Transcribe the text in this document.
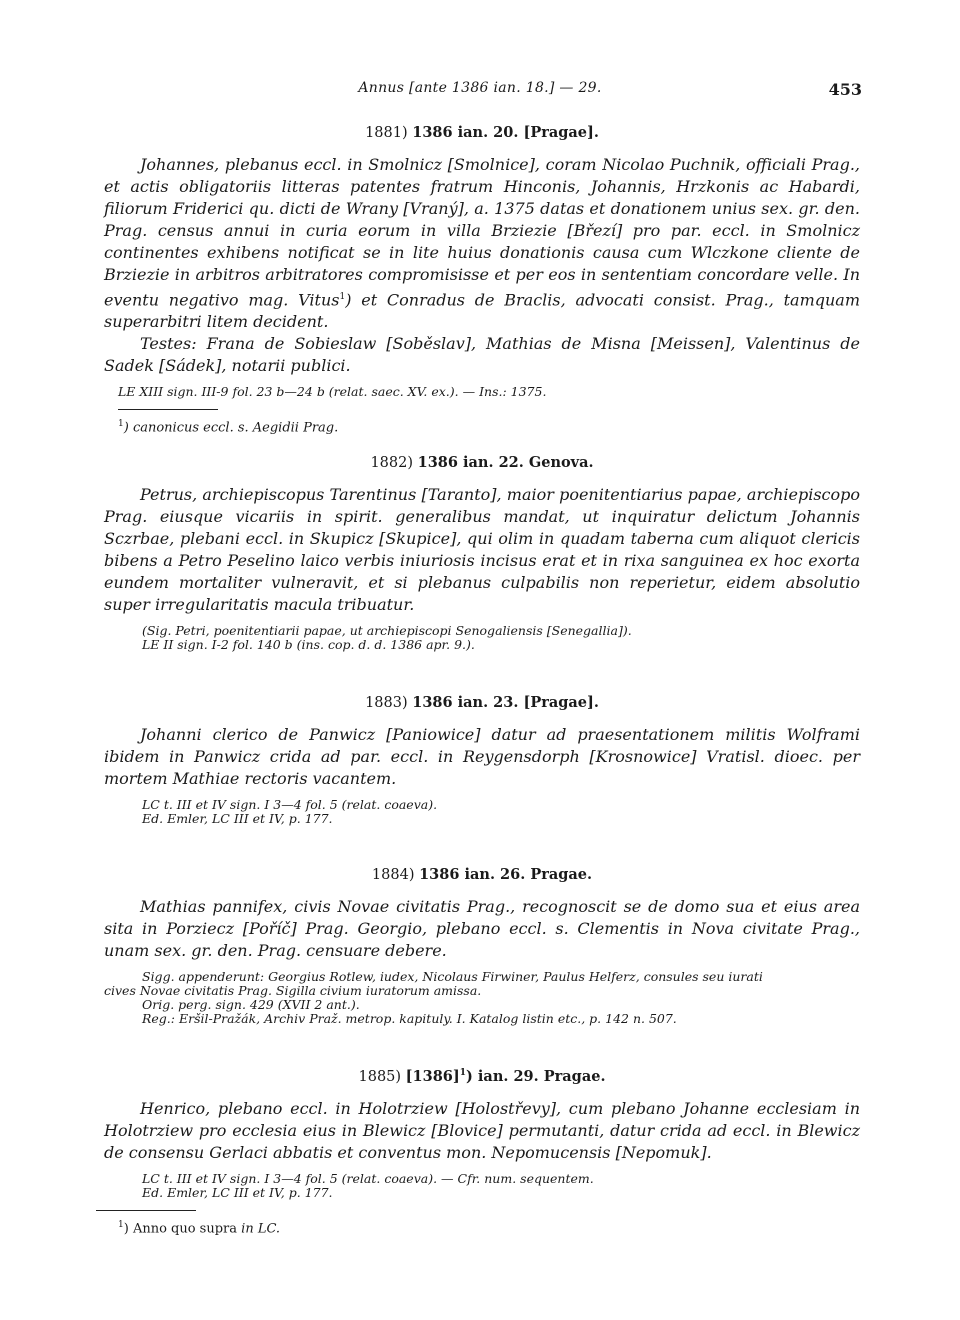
Annus [ante 1386 ian. 18.] — 29.	453
1881) 1386 ian. 20. [Pragae].

Johannes, plebanus eccl. in Smolnicz [Smolnice], coram Nicolao Puchnik, officiali Prag., et actis obligatoriis litteras patentes fratrum Hinconis, Johannis, Hrzkonis ac Habardi, filiorum Friderici qu. dicti de Wrany [Vraný], a. 1375 datas et donationem unius sex. gr. den. Prag. census annui in curia eorum in villa Brziezie [Březí] pro par. eccl. in Smolnicz continentes exhibens notificat se in lite huius donationis causa cum Wlczkone cliente de Brziezie in arbitros arbitratores compromisisse et per eos in sententiam concordare velle. In eventu negativo mag. Vitus$^1$) et Conradus de Braclis, advocati consist. Prag., tamquam superarbitri litem decident.

Testes: Frana de Sobieslaw [Soběslav], Mathias de Misna [Meissen], Valentinus de Sadek [Sádek], notarii publici.

LE XIII sign. III-9 fol. 23 b—24 b (relat. saec. XV. ex.). — Ins.: 1375.
$^1$) canonicus eccl. s. Aegidii Prag.
1882) 1386 ian. 22. Genova.

Petrus, archiepiscopus Tarentinus [Taranto], maior poenitentiarius papae, archiepiscopo Prag. eiusque vicariis in spirit. generalibus mandat, ut inquiratur delictum Johannis Sczrbae, plebani eccl. in Skupicz [Skupice], qui olim in quadam taberna cum aliquot clericis bibens a Petro Peselino laico verbis iniuriosis incisus erat et in rixa sanguinea ex hoc exorta eundem mortaliter vulneravit, et si plebanus culpabilis non reperietur, eidem absolutio super irregularitatis macula tribuatur.

(Sig. Petri, poenitentiarii papae, ut archiepiscopi Senogaliensis [Senegallia]).
LE II sign. I-2 fol. 140 b (ins. cop. d. d. 1386 apr. 9.).
1883) 1386 ian. 23. [Pragae].

Johanni clerico de Panwicz [Paniowice] datur ad praesentationem militis Wolframi ibidem in Panwicz crida ad par. eccl. in Reygensdorph [Krosnowice] Vratisl. dioec. per mortem Mathiae rectoris vacantem.

LC t. III et IV sign. I 3—4 fol. 5 (relat. coaeva).
Ed. Emler, LC III et IV, p. 177.
1884) 1386 ian. 26. Pragae.

Mathias pannifex, civis Novae civitatis Prag., recognoscit se de domo sua et eius area sita in Porziecz [Poříč] Prag. Georgio, plebano eccl. s. Clementis in Nova civitate Prag., unam sex. gr. den. Prag. censuare debere.

Sigg. appenderunt: Georgius Rotlew, iudex, Nicolaus Firwiner, Paulus Helferz, consules seu iurati
cives Novae civitatis Prag. Sigilla civium iuratorum amissa.
Orig. perg. sign. 429 (XVII 2 ant.).
Reg.: Eršil-Pražák, Archiv Praž. metrop. kapituly. I. Katalog listin etc., p. 142 n. 507.
1885) $[1386]^1$) ian. 29. Pragae.

Henrico, plebano eccl. in Holotrziew [Holostřevy], cum plebano Johanne ecclesiam in Holotrziew pro ecclesia eius in Blewicz [Blovice] permutanti, datur crida ad eccl. in Blewicz de consensu Gerlaci abbatis et conventus mon. Nepomucensis [Nepomuk].

LC t. III et IV sign. I 3—4 fol. 5 (relat. coaeva). — Cfr. num. sequentem.
Ed. Emler, LC III et IV, p. 177.
$^1$) Anno quo supra in LC.
